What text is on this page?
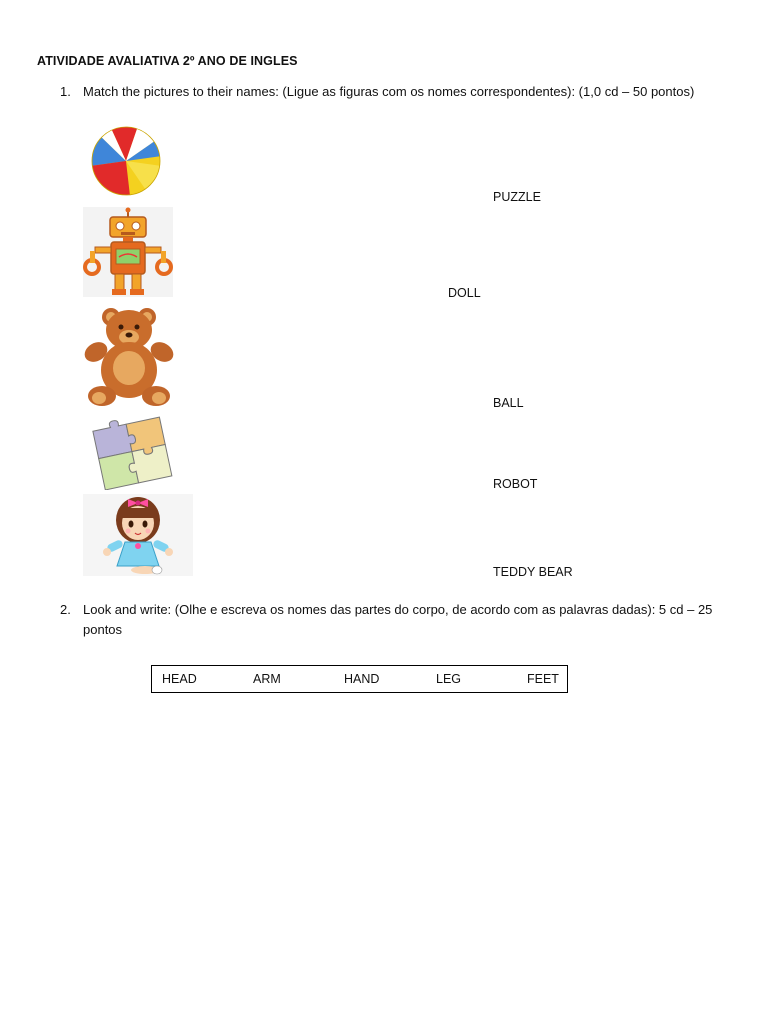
ATIVIDADE AVALIATIVA 2º ANO DE INGLES
1. Match the pictures to their names: (Ligue as figuras com os nomes correspondentes): (1,0 cd – 50 pontos)
PUZZLE
DOLL
BALL
ROBOT
TEDDY BEAR
2. Look and write: (Olhe e escreva os nomes das partes do corpo, de acordo com as palavras dadas): 5 cd – 25 pontos
HEAD	ARM	HAND	LEG	FEET
